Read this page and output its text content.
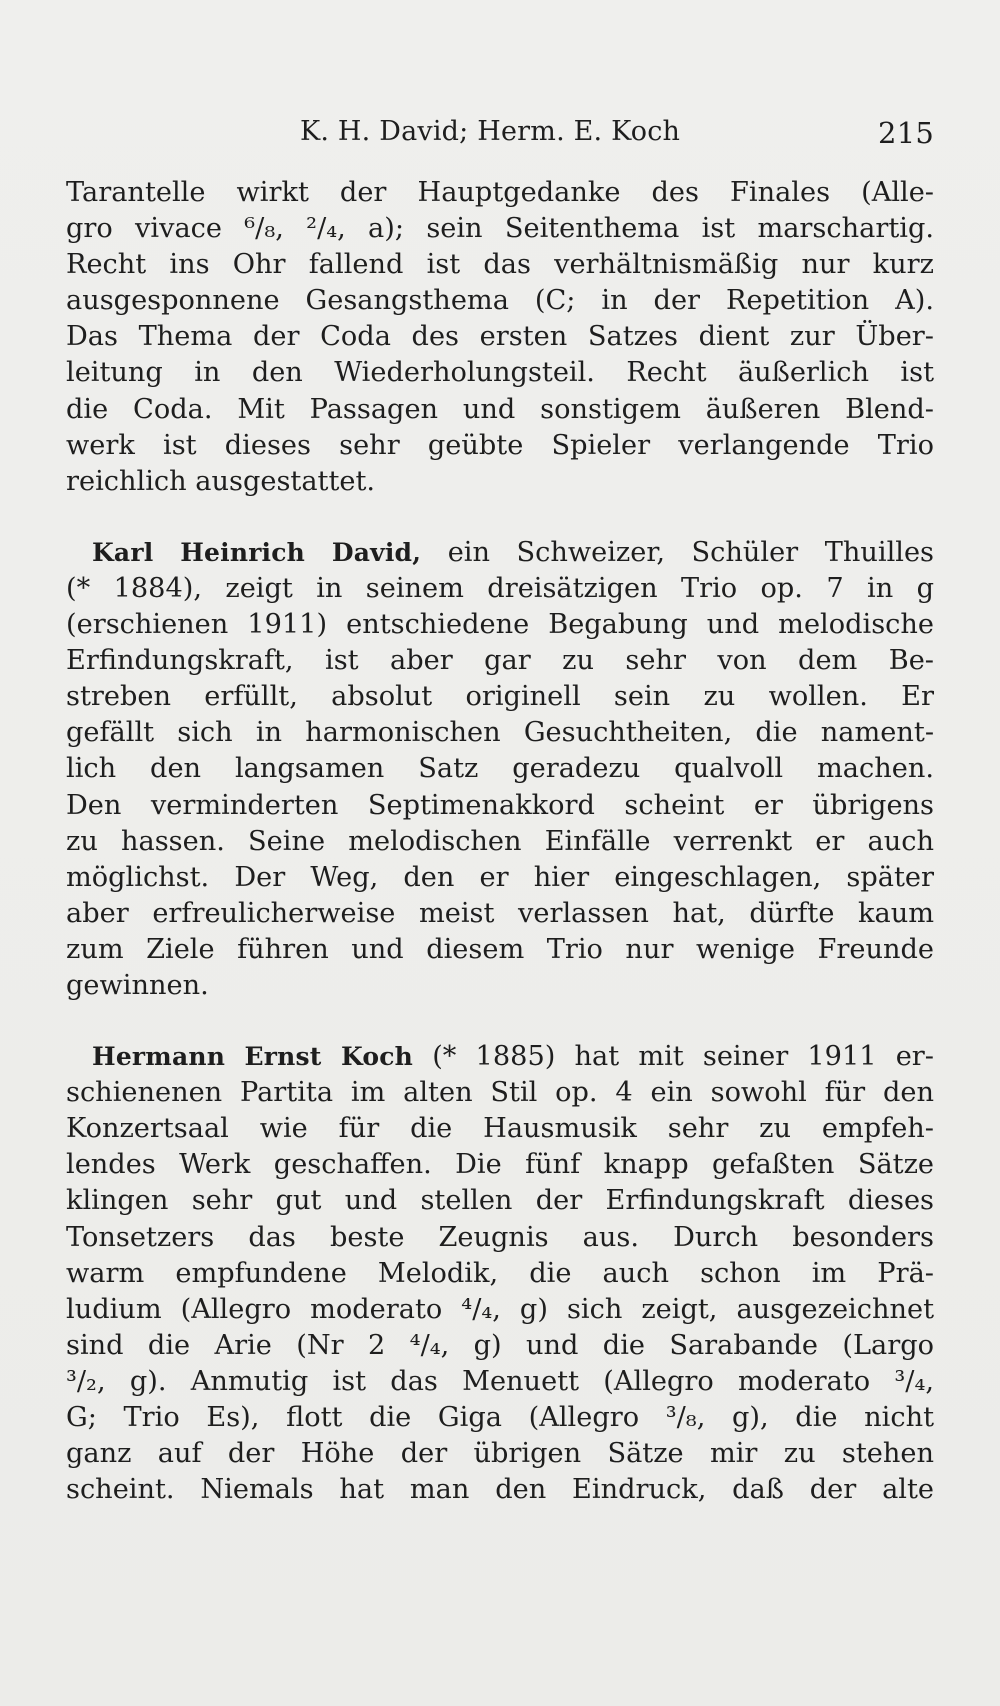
K. H. David; Herm. E. Koch	215
Tarantelle wirkt der Hauptgedanke des Finales (Alle-
gro vivace ⁶/₈, ²/₄, a); sein Seitenthema ist marschartig.
Recht ins Ohr fallend ist das verhältnismäßig nur kurz
ausgesponnene Gesangsthema (C; in der Repetition A).
Das Thema der Coda des ersten Satzes dient zur Über-
leitung in den Wiederholungsteil. Recht äußerlich ist
die Coda. Mit Passagen und sonstigem äußeren Blend-
werk ist dieses sehr geübte Spieler verlangende Trio
reichlich ausgestattet.
Karl Heinrich David, ein Schweizer, Schüler Thuilles
(* 1884), zeigt in seinem dreisätzigen Trio op. 7 in g
(erschienen 1911) entschiedene Begabung und melodische
Erfindungskraft, ist aber gar zu sehr von dem Be-
streben erfüllt, absolut originell sein zu wollen. Er
gefällt sich in harmonischen Gesuchtheiten, die nament-
lich den langsamen Satz geradezu qualvoll machen.
Den verminderten Septimenakkord scheint er übrigens
zu hassen. Seine melodischen Einfälle verrenkt er auch
möglichst. Der Weg, den er hier eingeschlagen, später
aber erfreulicherweise meist verlassen hat, dürfte kaum
zum Ziele führen und diesem Trio nur wenige Freunde
gewinnen.
Hermann Ernst Koch (* 1885) hat mit seiner 1911 er-
schienenen Partita im alten Stil op. 4 ein sowohl für den
Konzertsaal wie für die Hausmusik sehr zu empfeh-
lendes Werk geschaffen. Die fünf knapp gefaßten Sätze
klingen sehr gut und stellen der Erfindungskraft dieses
Tonsetzers das beste Zeugnis aus. Durch besonders
warm empfundene Melodik, die auch schon im Prä-
ludium (Allegro moderato ⁴/₄, g) sich zeigt, ausgezeichnet
sind die Arie (Nr 2 ⁴/₄, g) und die Sarabande (Largo
³/₂, g). Anmutig ist das Menuett (Allegro moderato ³/₄,
G; Trio Es), flott die Giga (Allegro ³/₈, g), die nicht
ganz auf der Höhe der übrigen Sätze mir zu stehen
scheint. Niemals hat man den Eindruck, daß der alte
